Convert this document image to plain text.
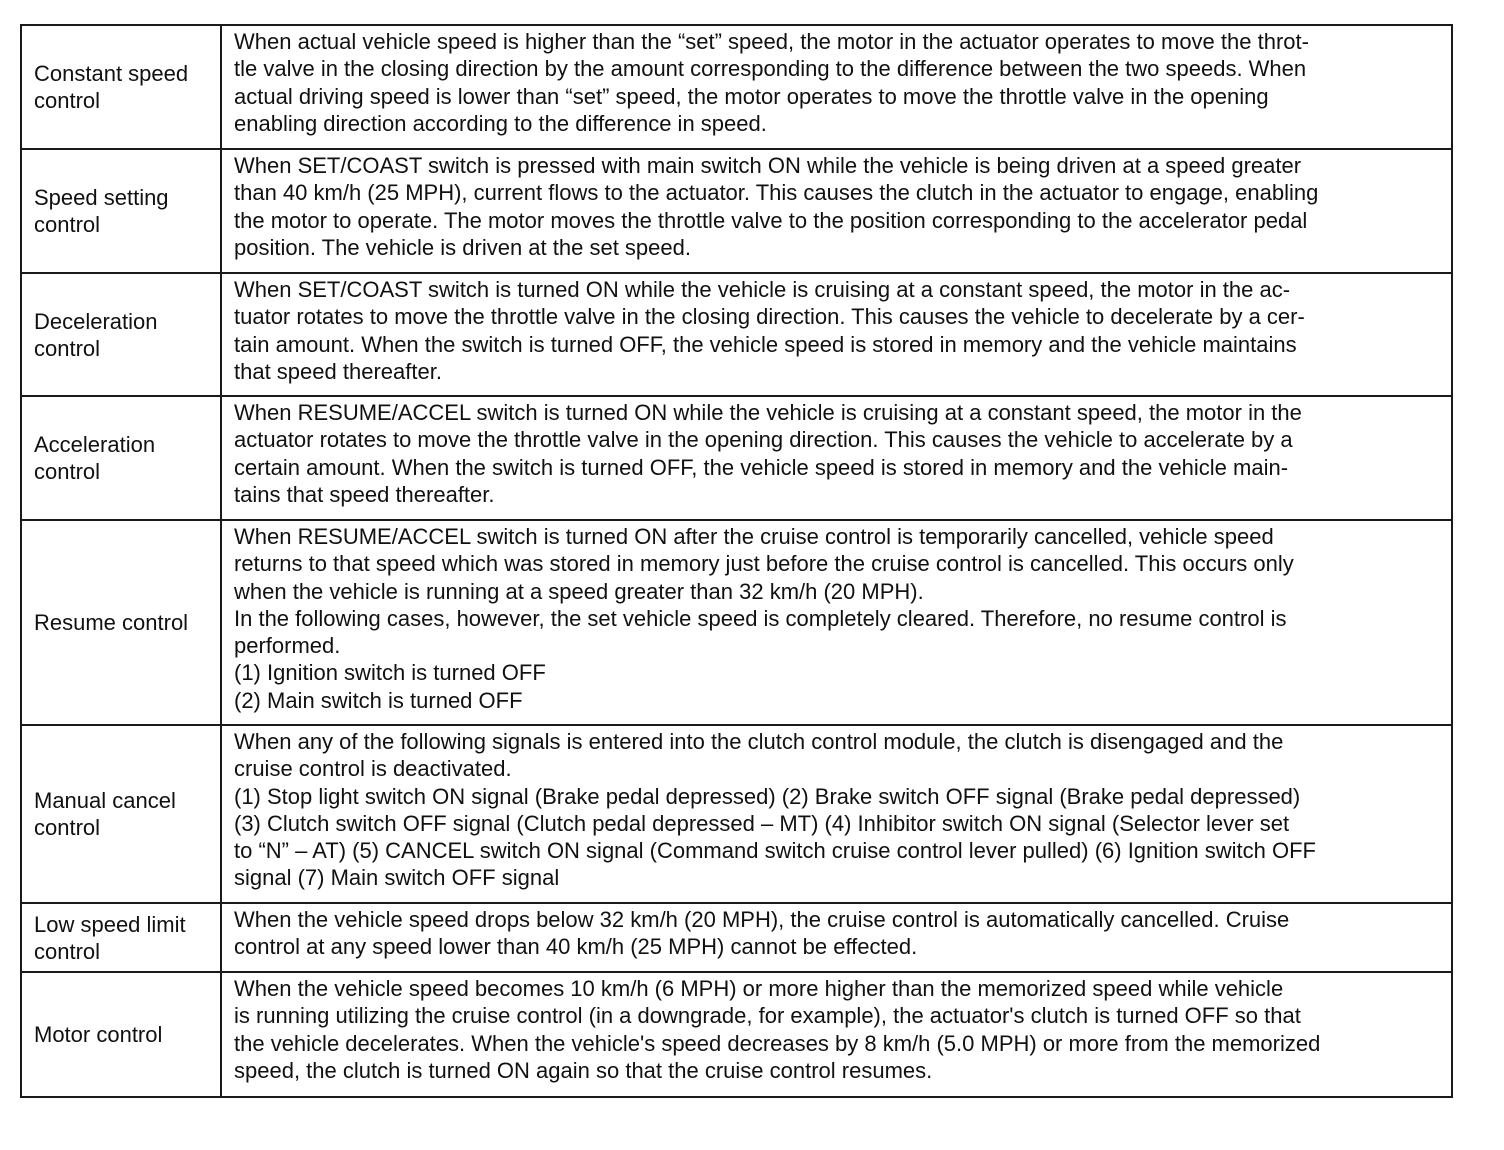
Constant speed
control
When actual vehicle speed is higher than the “set” speed, the motor in the actuator operates to move the throt-
tle valve in the closing direction by the amount corresponding to the difference between the two speeds. When
actual driving speed is lower than “set” speed, the motor operates to move the throttle valve in the opening
enabling direction according to the difference in speed.
Speed setting
control
When SET/COAST switch is pressed with main switch ON while the vehicle is being driven at a speed greater
than 40 km/h (25 MPH), current flows to the actuator. This causes the clutch in the actuator to engage, enabling
the motor to operate. The motor moves the throttle valve to the position corresponding to the accelerator pedal
position. The vehicle is driven at the set speed.
Deceleration
control
When SET/COAST switch is turned ON while the vehicle is cruising at a constant speed, the motor in the ac-
tuator rotates to move the throttle valve in the closing direction. This causes the vehicle to decelerate by a cer-
tain amount. When the switch is turned OFF, the vehicle speed is stored in memory and the vehicle maintains
that speed thereafter.
Acceleration
control
When RESUME/ACCEL switch is turned ON while the vehicle is cruising at a constant speed, the motor in the
actuator rotates to move the throttle valve in the opening direction. This causes the vehicle to accelerate by a
certain amount. When the switch is turned OFF, the vehicle speed is stored in memory and the vehicle main-
tains that speed thereafter.
Resume control
When RESUME/ACCEL switch is turned ON after the cruise control is temporarily cancelled, vehicle speed
returns to that speed which was stored in memory just before the cruise control is cancelled. This occurs only
when the vehicle is running at a speed greater than 32 km/h (20 MPH).
In the following cases, however, the set vehicle speed is completely cleared. Therefore, no resume control is
performed.
(1) Ignition switch is turned OFF
(2) Main switch is turned OFF
Manual cancel
control
When any of the following signals is entered into the clutch control module, the clutch is disengaged and the
cruise control is deactivated.
(1) Stop light switch ON signal (Brake pedal depressed) (2) Brake switch OFF signal (Brake pedal depressed)
(3) Clutch switch OFF signal (Clutch pedal depressed – MT) (4) Inhibitor switch ON signal (Selector lever set
to “N” – AT) (5) CANCEL switch ON signal (Command switch cruise control lever pulled) (6) Ignition switch OFF
signal (7) Main switch OFF signal
Low speed limit
control
When the vehicle speed drops below 32 km/h (20 MPH), the cruise control is automatically cancelled. Cruise
control at any speed lower than 40 km/h (25 MPH) cannot be effected.
Motor control
When the vehicle speed becomes 10 km/h (6 MPH) or more higher than the memorized speed while vehicle
is running utilizing the cruise control (in a downgrade, for example), the actuator's clutch is turned OFF so that
the vehicle decelerates. When the vehicle's speed decreases by 8 km/h (5.0 MPH) or more from the memorized
speed, the clutch is turned ON again so that the cruise control resumes.
